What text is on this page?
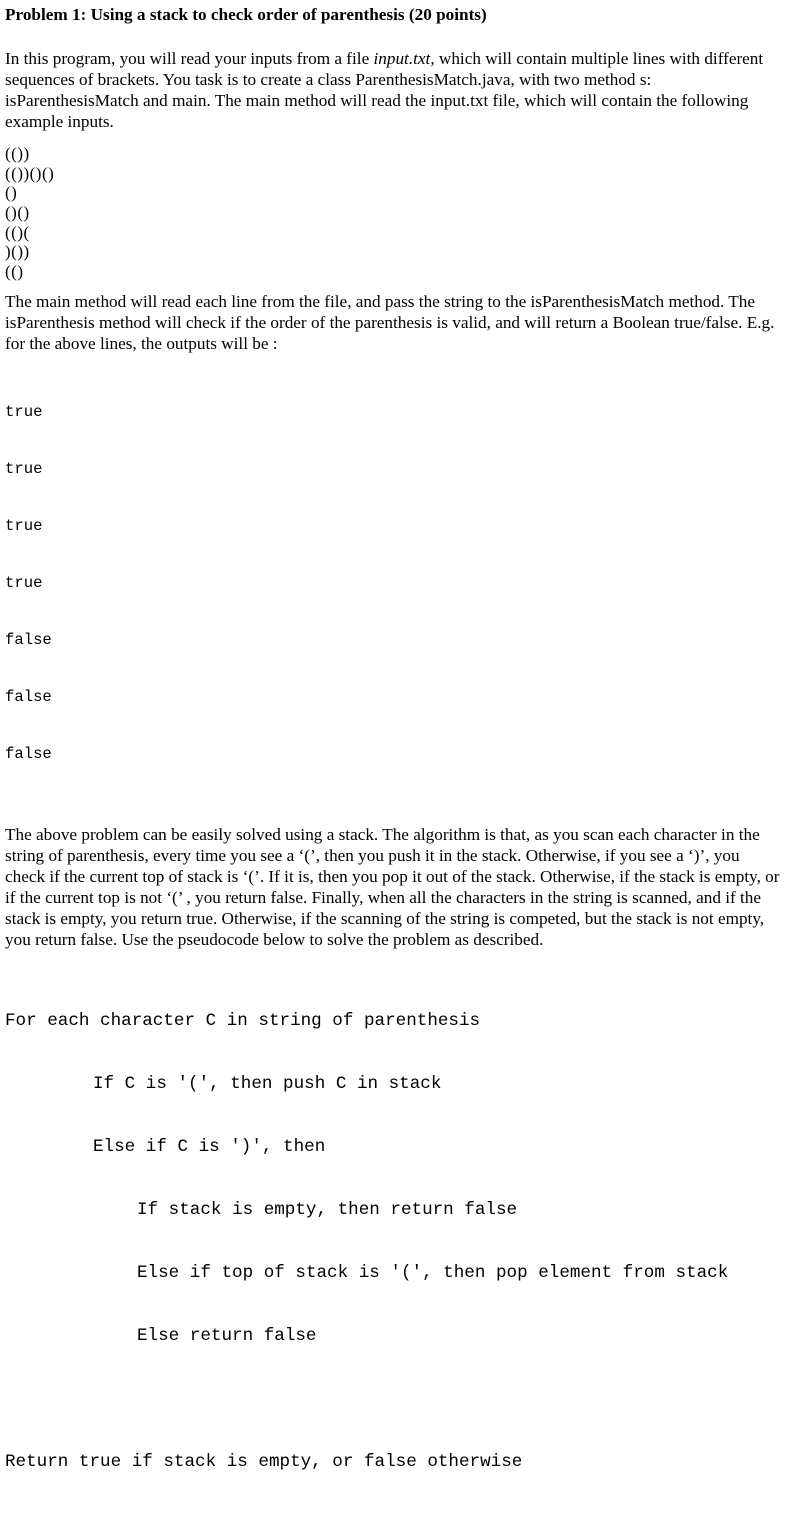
Problem 1: Using a stack to check order of parenthesis (20 points)

In this program, you will read your inputs from a file input.txt, which will contain multiple lines with different sequences of brackets. You task is to create a class ParenthesisMatch.java, with two method s: isParenthesisMatch and main. The main method will read the input.txt file, which will contain the following example inputs.

(())
(())()()
()
()()
(()(
)())
(()

The main method will read each line from the file, and pass the string to the isParenthesisMatch method. The isParenthesis method will check if the order of the parenthesis is valid, and will return a Boolean true/false. E.g. for the above lines, the outputs will be :

true

true

true

true

false

false

false

The above problem can be easily solved using a stack. The algorithm is that, as you scan each character in the string of parenthesis, every time you see a ‘(’, then you push it in the stack. Otherwise, if you see a ‘)’, you check if the current top of stack is ‘(’. If it is, then you pop it out of the stack. Otherwise, if the stack is empty, or if the current top is not ‘(’ , you return false. Finally, when all the characters in the string is scanned, and if the stack is empty, you return true. Otherwise, if the scanning of the string is competed, but the stack is not empty, you return false. Use the pseudocode below to solve the problem as described.

For each character C in string of parenthesis

If C is '(', then push C in stack

Else if C is ')', then

If stack is empty, then return false

Else if top of stack is '(', then pop element from stack

Else return false

Return true if stack is empty, or false otherwise
